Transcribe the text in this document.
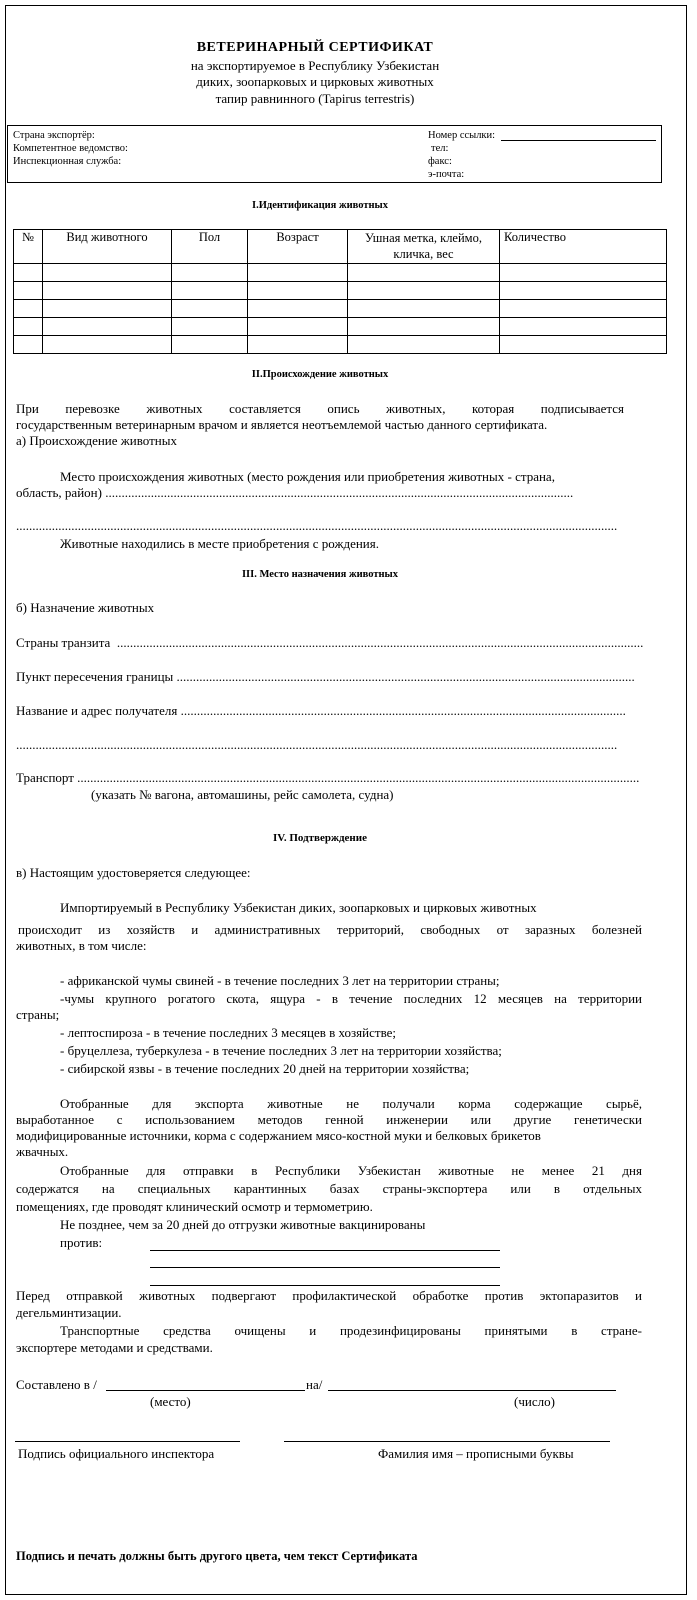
ВЕТЕРИНАРНЫЙ СЕРТИФИКАТ
на экспортируемое в Республику Узбекистан
диких, зоопарковых и цирковых животных
тапир равнинного (Tapirus terrestris)
Страна экспортёр:
Компетентное ведомство:
Инспекционная служба:
Номер ссылки:
тел:
факс:
э-почта:
I.Идентификация животных
№	Вид животного	Пол	Возраст	Ушная метка, клеймо, кличка, вес	Количество

II.Происхождение животных
При перевозке животных составляется опись животных, которая подписывается
государственным ветеринарным врачом и является неотъемлемой частью данного сертификата.
а) Происхождение животных
Место происхождения животных (место рождения или приобретения животных - страна,
область, район) ................................................................................................................................................
.........................................................................................................................................................................................
Животные находились в месте приобретения с рождения.
III. Место назначения животных
б) Назначение животных
Страны транзита ..................................................................................................................................................................
Пункт пересечения границы .............................................................................................................................................
Название и адрес получателя .........................................................................................................................................
.........................................................................................................................................................................................
Транспорт .............................................................................................................................................................................
(указать № вагона, автомашины, рейс самолета, судна)
IV. Подтверждение
в) Настоящим удостоверяется следующее:
Импортируемый в Республику Узбекистан диких, зоопарковых и цирковых животных
происходит из хозяйств и административных территорий, свободных от заразных болезней
животных, в том числе:
- африканской чумы свиней - в течение последних 3 лет на территории страны;
-чумы крупного рогатого скота, ящура - в течение последних 12 месяцев на территории
страны;
- лептоспироза - в течение последних 3 месяцев в хозяйстве;
- бруцеллеза, туберкулеза - в течение последних 3 лет на территории хозяйства;
- сибирской язвы - в течение последних 20 дней на территории хозяйства;
Отобранные для экспорта животные не получали корма содержащие сырьё,
выработанное с использованием методов генной инженерии или другие генетически
модифицированные источники, корма с содержанием мясо-костной муки и белковых брикетов
жвачных.
Отобранные для отправки в Республики Узбекистан животные не менее 21 дня
содержатся на специальных карантинных базах страны-экспортера или в отдельных
помещениях, где проводят клинический осмотр и термометрию.
Не позднее, чем за 20 дней до отгрузки животные вакцинированы
против:
Перед отправкой животных подвергают профилактической обработке против эктопаразитов и
дегельминтизации.
Транспортные средства очищены и продезинфицированы принятыми в стране-
экспортере методами и средствами.
Составлено в /	на/
(место)	(число)
Подпись официального инспектора	Фамилия имя – прописными буквы
Подпись и печать должны быть другого цвета, чем текст Сертификата
